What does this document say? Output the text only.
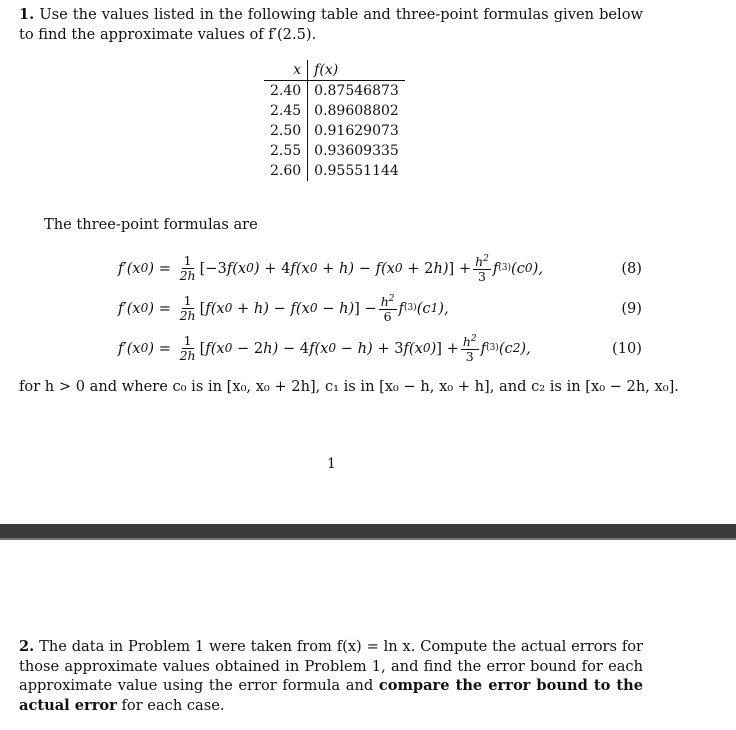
1. Use the values listed in the following table and three-point formulas given below to find the approximate values of f′(2.5).
x	f(x)
2.40	0.87546873
2.45	0.89608802
2.50	0.91629073
2.55	0.93609335
2.60	0.95551144
The three-point formulas are
f′(x 0 ) = $\frac{1}{2h} [-3$ f(x 0 ) + 4 f(x 0 + h) − f(x 0 + 2 h) ] + $\frac{h^2}{3}$ f (3) (c 0 ),	(8)
f′(x 0 ) = $\frac{1}{2h}$ [ f(x 0 + h) − f(x 0 − h) ] − $\frac{h^2}{6}$ f (3) (c 1 ),	(9)
f′(x 0 ) = $\frac{1}{2h}$ [ f(x 0 − 2 h) − 4 f(x 0 − h) + 3 f(x 0 ) ] + $\frac{h^2}{3}$ f (3) (c 2 ),	(10)
for h > 0 and where c₀ is in [x₀, x₀ + 2h], c₁ is in [x₀ − h, x₀ + h], and c₂ is in [x₀ − 2h, x₀].
1
2. The data in Problem 1 were taken from f(x) = ln x. Compute the actual errors for those approximate values obtained in Problem 1, and find the error bound for each approximate value using the error formula and compare the error bound to the actual error for each case.
